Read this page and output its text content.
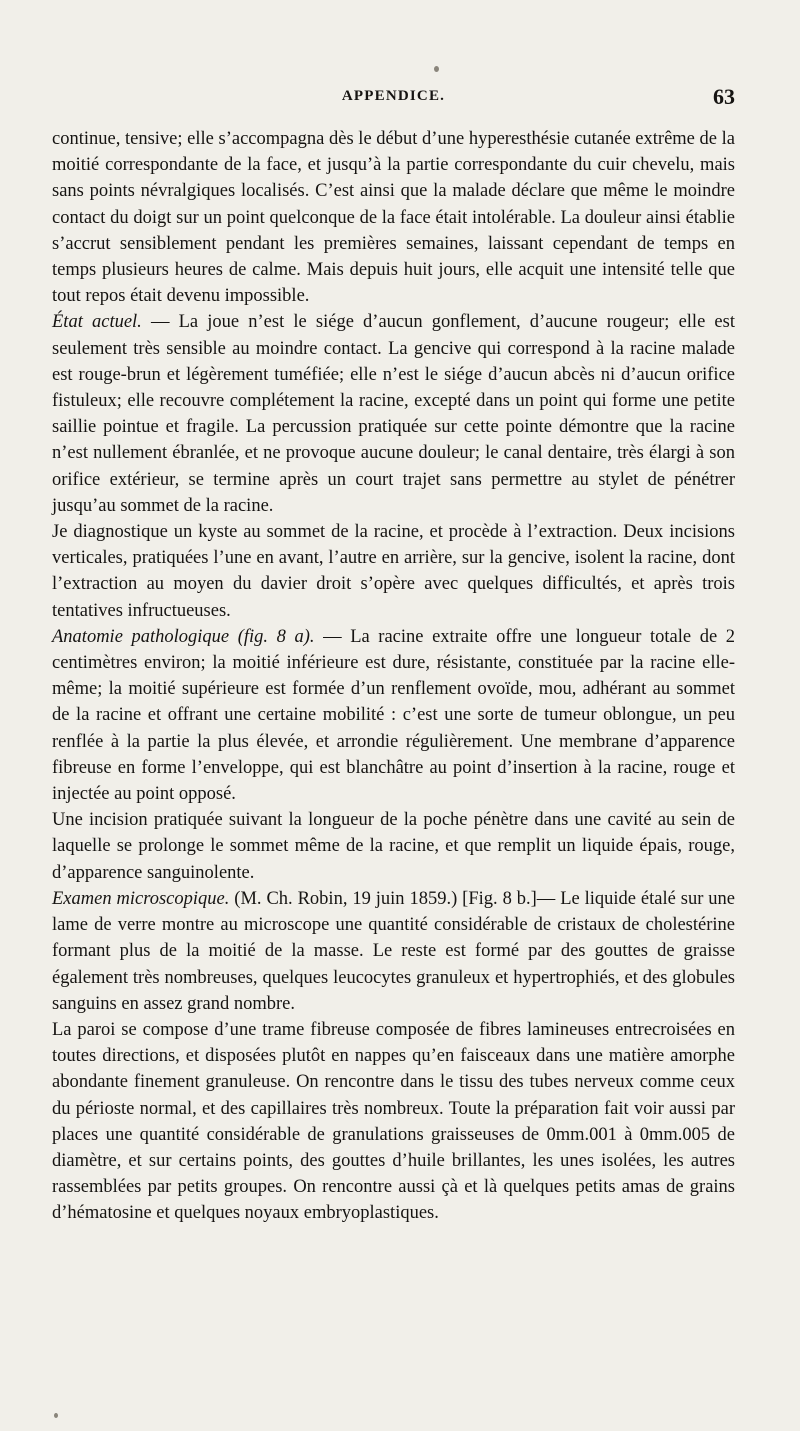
APPENDICE.	63

continue, tensive; elle s’accompagna dès le début d’une hyperesthésie cutanée extrême de la moitié correspondante de la face, et jusqu’à la partie correspondante du cuir chevelu, mais sans points névralgiques localisés. C’est ainsi que la malade déclare que même le moindre contact du doigt sur un point quelconque de la face était intolérable. La douleur ainsi établie s’accrut sensiblement pendant les premières semaines, laissant cependant de temps en temps plusieurs heures de calme. Mais depuis huit jours, elle acquit une intensité telle que tout repos était devenu impossible.

État actuel. — La joue n’est le siége d’aucun gonflement, d’aucune rougeur; elle est seulement très sensible au moindre contact. La gencive qui correspond à la racine malade est rouge-brun et légèrement tuméfiée; elle n’est le siége d’aucun abcès ni d’aucun orifice fistuleux; elle recouvre complétement la racine, excepté dans un point qui forme une petite saillie pointue et fragile. La percussion pratiquée sur cette pointe démontre que la racine n’est nullement ébranlée, et ne provoque aucune douleur; le canal dentaire, très élargi à son orifice extérieur, se termine après un court trajet sans permettre au stylet de pénétrer jusqu’au sommet de la racine.

Je diagnostique un kyste au sommet de la racine, et procède à l’extraction. Deux incisions verticales, pratiquées l’une en avant, l’autre en arrière, sur la gencive, isolent la racine, dont l’extraction au moyen du davier droit s’opère avec quelques difficultés, et après trois tentatives infructueuses.

Anatomie pathologique (fig. 8 a). — La racine extraite offre une longueur totale de 2 centimètres environ; la moitié inférieure est dure, résistante, constituée par la racine elle-même; la moitié supérieure est formée d’un renflement ovoïde, mou, adhérant au sommet de la racine et offrant une certaine mobilité : c’est une sorte de tumeur oblongue, un peu renflée à la partie la plus élevée, et arrondie régulièrement. Une membrane d’apparence fibreuse en forme l’enveloppe, qui est blanchâtre au point d’insertion à la racine, rouge et injectée au point opposé.

Une incision pratiquée suivant la longueur de la poche pénètre dans une cavité au sein de laquelle se prolonge le sommet même de la racine, et que remplit un liquide épais, rouge, d’apparence sanguinolente.

Examen microscopique. (M. Ch. Robin, 19 juin 1859.) [Fig. 8 b.]— Le liquide étalé sur une lame de verre montre au microscope une quantité considérable de cristaux de cholestérine formant plus de la moitié de la masse. Le reste est formé par des gouttes de graisse également très nombreuses, quelques leucocytes granuleux et hypertrophiés, et des globules sanguins en assez grand nombre.

La paroi se compose d’une trame fibreuse composée de fibres lamineuses entrecroisées en toutes directions, et disposées plutôt en nappes qu’en faisceaux dans une matière amorphe abondante finement granuleuse. On rencontre dans le tissu des tubes nerveux comme ceux du périoste normal, et des capillaires très nombreux. Toute la préparation fait voir aussi par places une quantité considérable de granulations graisseuses de 0mm.001 à 0mm.005 de diamètre, et sur certains points, des gouttes d’huile brillantes, les unes isolées, les autres rassemblées par petits groupes. On rencontre aussi çà et là quelques petits amas de grains d’hématosine et quelques noyaux embryoplastiques.
